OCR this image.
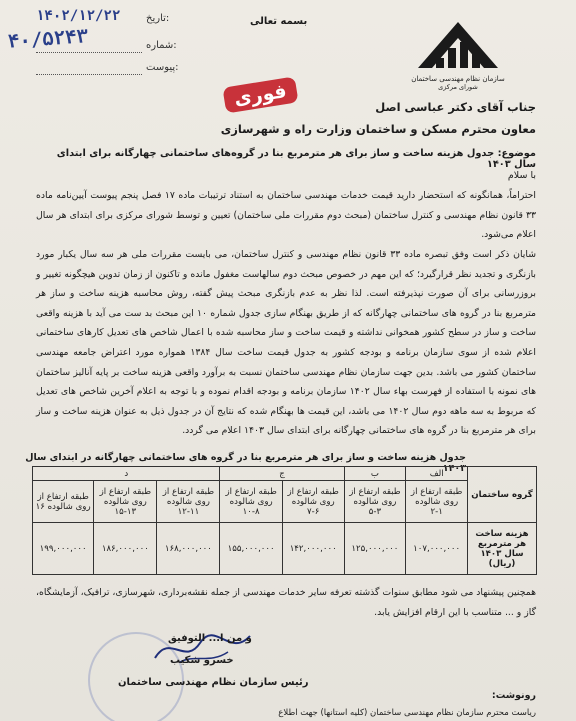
۱۴۰۲/۱۲/۲۲	تاریخ:
۴۰/۵۲۴۳	شماره:
پیوست:
بسمه تعالی
سازمان نظام مهندسی ساختمان
شورای مرکزی
فوری	جناب آقای دکتر عباسی اصل
معاون محترم مسکن و ساختمان وزارت راه و شهرسازی
موضوع: جدول هزینه ساخت و ساز برای هر مترمربع بنا در گروه‌های ساختمانی چهارگانه برای ابتدای سال ۱۴۰۳
با سلام
احتراماً، همانگونه که استحضار دارید قیمت خدمات مهندسی ساختمان به استناد ترتیبات ماده ۱۷ فصل پنجم پیوست آیین‌نامه ماده ۳۳ قانون نظام مهندسی و کنترل ساختمان (مبحث دوم مقررات ملی ساختمان) تعیین و توسط شورای مرکزی برای ابتدای هر سال اعلام می‌شود.
شایان ذکر است وفق تبصره ماده ۳۳ قانون نظام مهندسی و کنترل ساختمان، می بایست مقررات ملی هر سه سال یکبار مورد بازنگری و تجدید نظر قرارگیرد؛ که این مهم در خصوص مبحث دوم سالهاست مغفول مانده و تاکنون از زمان تدوین هیچگونه تغییر و بروزرسانی برای آن صورت نپذیرفته است. لذا نظر به عدم بازنگری مبحث پیش گفته، روش محاسبه هزینه ساخت و ساز هر مترمربع بنا در گروه های ساختمانی چهارگانه که از طریق بهنگام سازی جدول شماره ۱۰ این مبحث بد ست می آید با هزینه واقعی ساخت و ساز در سطح کشور همخوانی نداشته و قیمت ساخت و ساز محاسبه شده با اعمال شاخص های تعدیل کارهای ساختمانی اعلام شده از سوی سازمان برنامه و بودجه کشور به جدول قیمت ساخت سال ۱۳۸۴ همواره مورد اعتراض جامعه مهندسی ساختمان کشور می باشد. بدین جهت سازمان نظام مهندسی ساختمان نسبت به برآورد واقعی هزینه ساخت بر پایه آنالیز ساختمان های نمونه با استفاده از فهرست بهاء سال ۱۴۰۲ سازمان برنامه و بودجه اقدام نموده و با توجه به اعلام آخرین شاخص های تعدیل که مربوط به سه ماهه دوم سال ۱۴۰۲ می باشد، این قیمت ها بهنگام شده که نتایج آن در جدول ذیل به عنوان هزینه ساخت و ساز برای هر مترمربع بنا در گروه های ساختمانی چهارگانه برای ابتدای سال ۱۴۰۳ اعلام می گردد.
جدول هزینه ساخت و ساز برای هر مترمربع بنا در گروه های ساختمانی چهارگانه در ابتدای سال ۱۴۰۳
گروه ساختمان	الف	ب	ج		د		
	طبقه ارتفاع از روی شالوده ۱-۲	طبقه ارتفاع از روی شالوده ۳-۵	طبقه ارتفاع از روی شالوده ۶-۷	طبقه ارتفاع از روی شالوده ۸-۱۰	طبقه ارتفاع از روی شالوده ۱۱-۱۲	طبقه ارتفاع از روی شالوده ۱۳-۱۵	طبقه ارتفاع از روی شالوده ۱۶
هزینه ساخت هر مترمربع سال ۱۴۰۳ (ریال)	۱۰۷,۰۰۰,۰۰۰	۱۲۵,۰۰۰,۰۰۰	۱۴۲,۰۰۰,۰۰۰	۱۵۵,۰۰۰,۰۰۰	۱۶۸,۰۰۰,۰۰۰	۱۸۶,۰۰۰,۰۰۰	۱۹۹,۰۰۰,۰۰۰
همچنین پیشنهاد می شود مطابق سنوات گذشته تعرفه سایر خدمات مهندسی از جمله نقشه‌برداری، شهرسازی، ترافیک، آزمایشگاه، گاز و ... متناسب با این ارقام افزایش یابد.
و من ا... التوفیق
خسرو شکیب
رئیس سازمان نظام مهندسی ساختمان
رونوشت:
ریاست محترم سازمان نظام مهندسی ساختمان (کلیه استانها) جهت اطلاع
